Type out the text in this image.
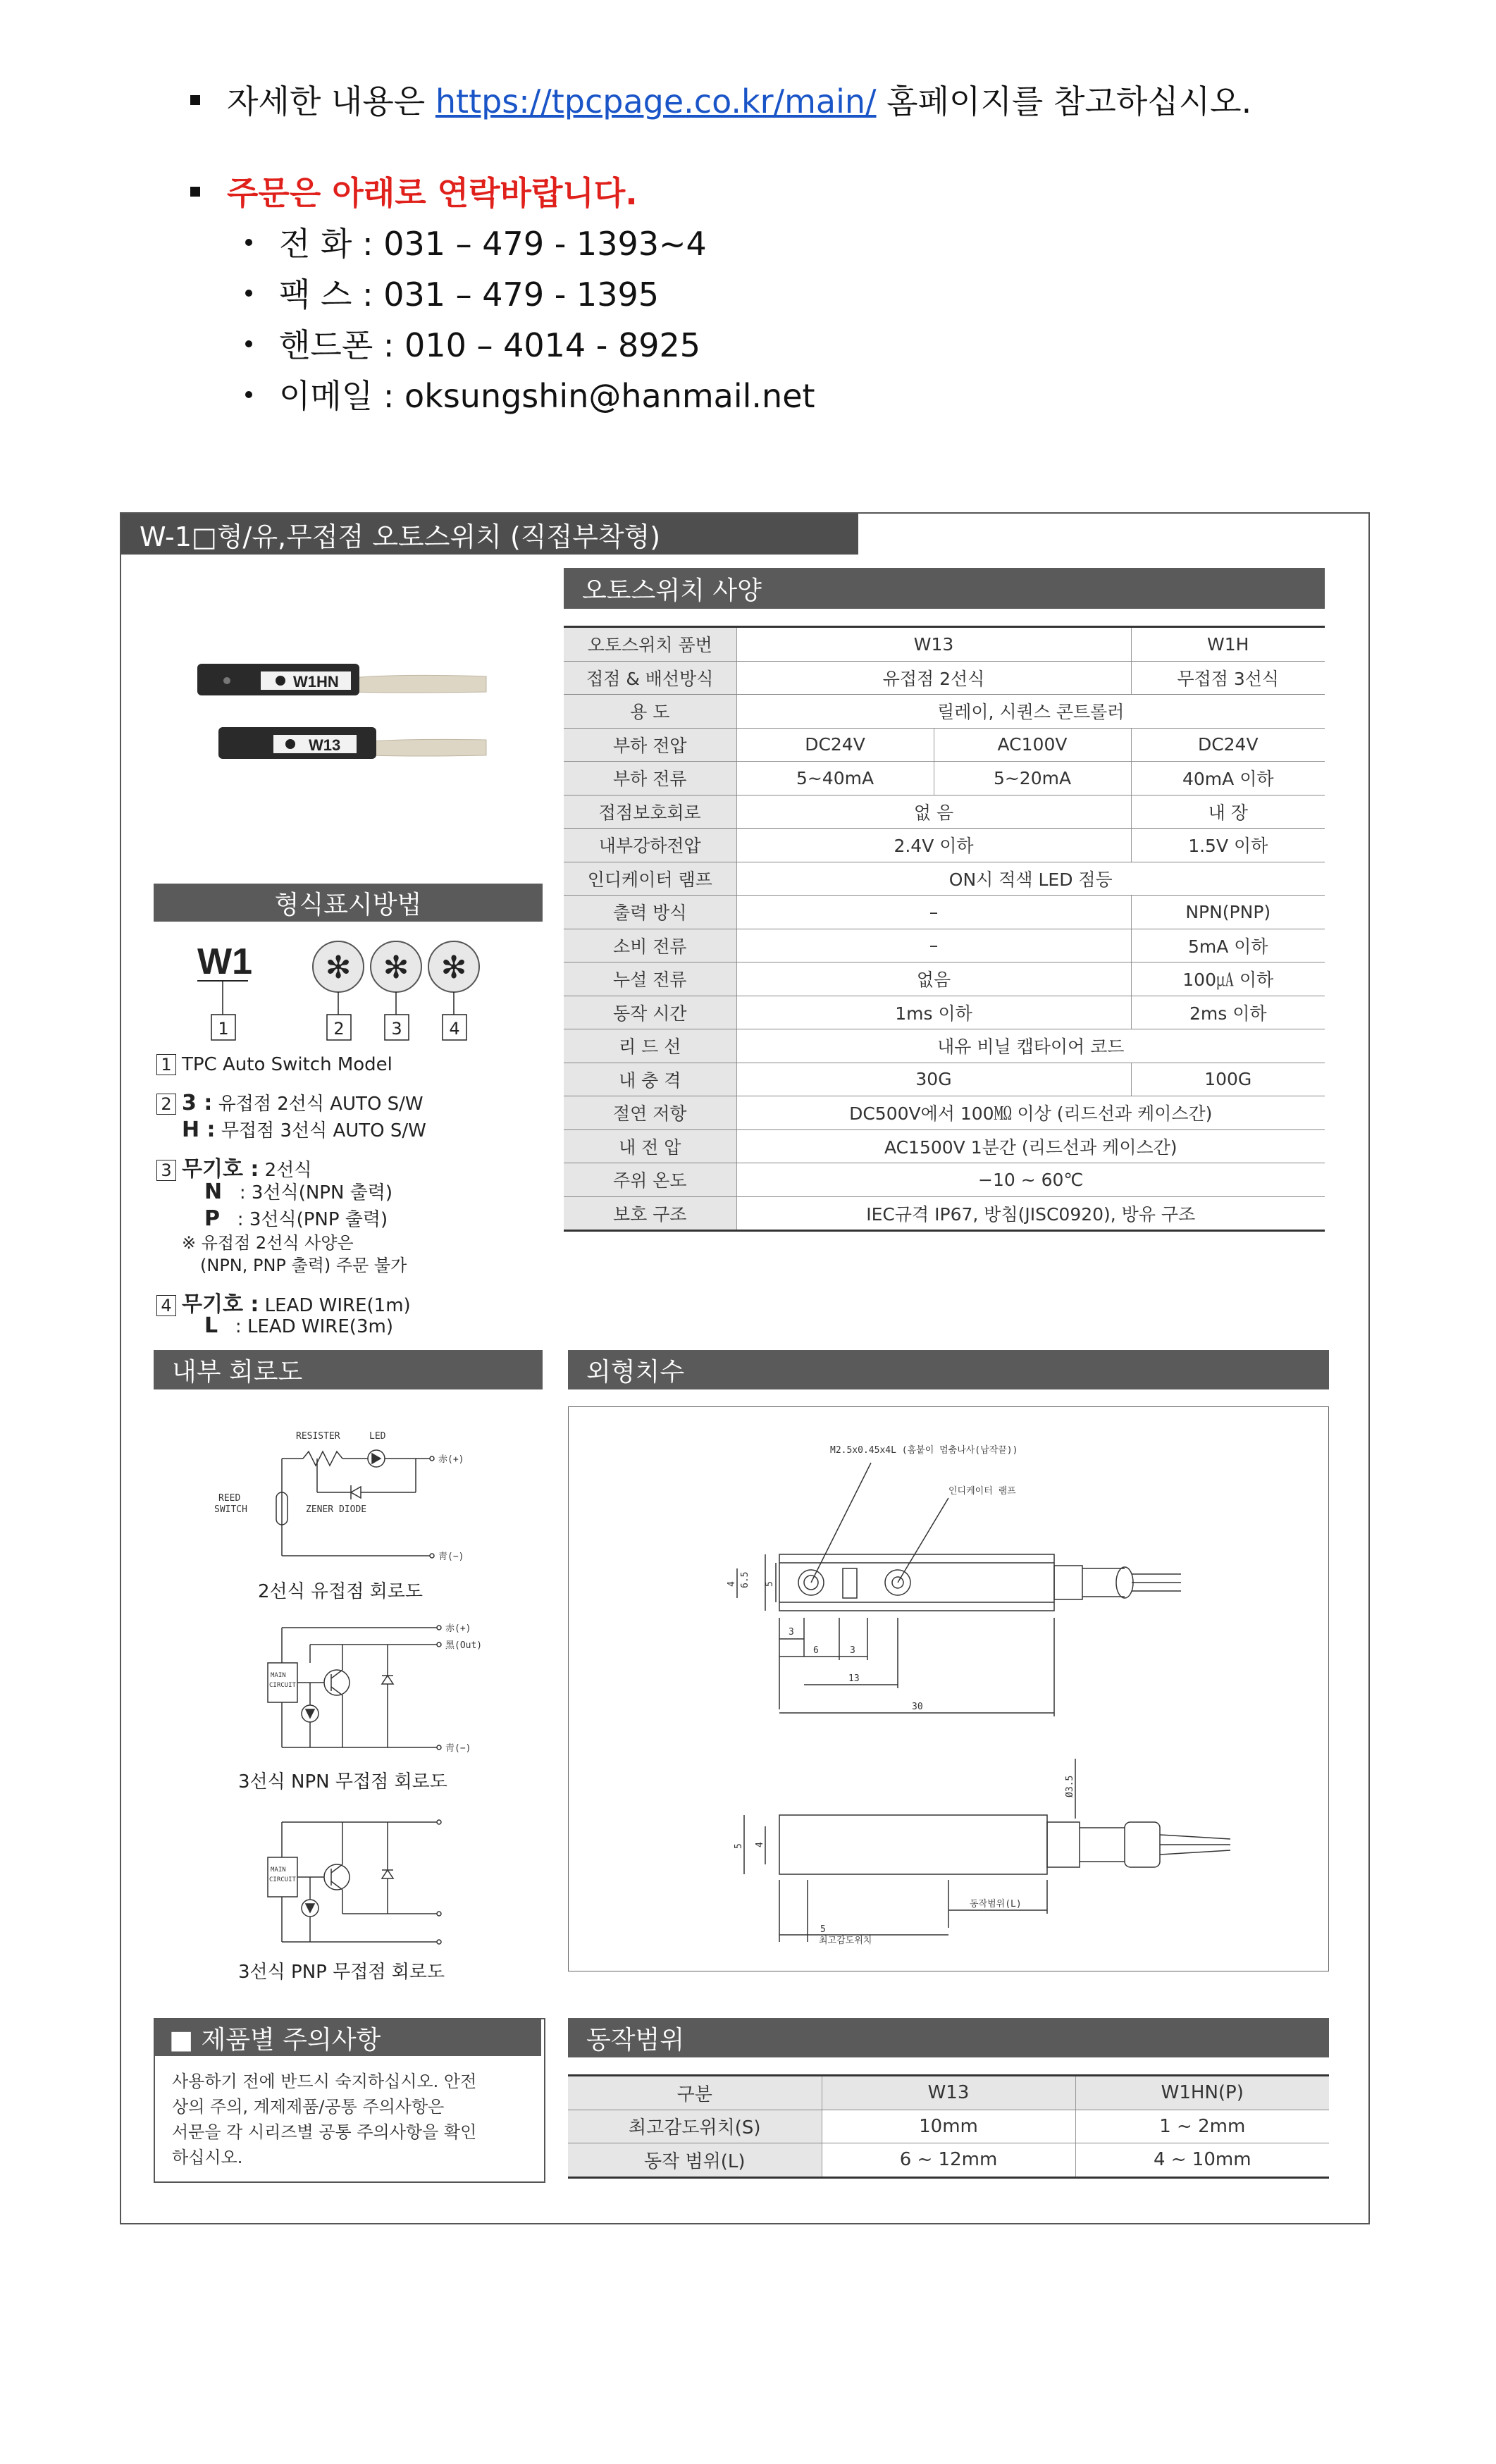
자세한 내용은 https://tpcpage.co.kr/main/ 홈페이지를 참고하십시오.
주문은 아래로 연락바랍니다.
전 화 : 031 – 479 - 1393~4
팩 스 : 031 – 479 - 1395
핸드폰 : 010 – 4014 - 8925
이메일 : oksungshin@hanmail.net
W-1□형/유,무접점 오토스위치 (직접부착형)
W1HN
W13
오토스위치 사양
오토스위치 품번	W13		W1H
접점 & 배선방식	유접점 2선식		무접점 3선식
용 도	릴레이, 시퀀스 콘트롤러		
부하 전압	DC24V	AC100V	DC24V
부하 전류	5~40mA	5~20mA	40mA 이하
접점보호회로	없 음		내 장
내부강하전압	2.4V 이하		1.5V 이하
인디케이터 램프	ON시 적색 LED 점등		
출력 방식	–		NPN(PNP)
소비 전류	–		5mA 이하
누설 전류	없음		100㎂ 이하
동작 시간	1ms 이하		2ms 이하
리 드 선	내유 비닐 캡타이어 코드		
내 충 격	30G		100G
절연 저항	DC500V에서 100㏁ 이상 (리드선과 케이스간)		
내 전 압	AC1500V 1분간 (리드선과 케이스간)		
주위 온도	−10 ~ 60℃		
보호 구조	IEC규격 IP67, 방침(JISC0920), 방유 구조		
형식표시방법
W1 ✻ ✻ ✻
1	2	3	4
1 TPC Auto Switch Model
2 3 : 유접점 2선식 AUTO S/W
H : 무접점 3선식 AUTO S/W
3 무기호 : 2선식
N : 3선식(NPN 출력)
P : 3선식(PNP 출력)
※ 유접점 2선식 사양은
(NPN, PNP 출력) 주문 불가
4 무기호 : LEAD WIRE(1m)
L : LEAD WIRE(3m)
내부 회로도
RESISTER	LED
REED
SWITCH	ZENER DIODE
赤(+)
靑(−)
2선식 유접점 회로도
MAIN
CIRCUIT
赤(+)
黑(Out)
靑(−)
3선식 NPN 무접점 회로도
MAIN
CIRCUIT
3선식 PNP 무접점 회로도
외형치수
M2.5x0.45x4L (홈붙이 멈춤나사(납작끝))
인디케이터 램프
6.5 5
4
3
6	3
13
30
Ø3.5
5 4
5
동작범위(L)
최고감도위치
■ 제품별 주의사항
사용하기 전에 반드시 숙지하십시오. 안전
상의 주의, 계제제품/공통 주의사항은
서문을 각 시리즈별 공통 주의사항을 확인
하십시오.
동작범위
구분	W13	W1HN(P)
최고감도위치(S)	10mm	1 ~ 2mm
동작 범위(L)	6 ~ 12mm	4 ~ 10mm
